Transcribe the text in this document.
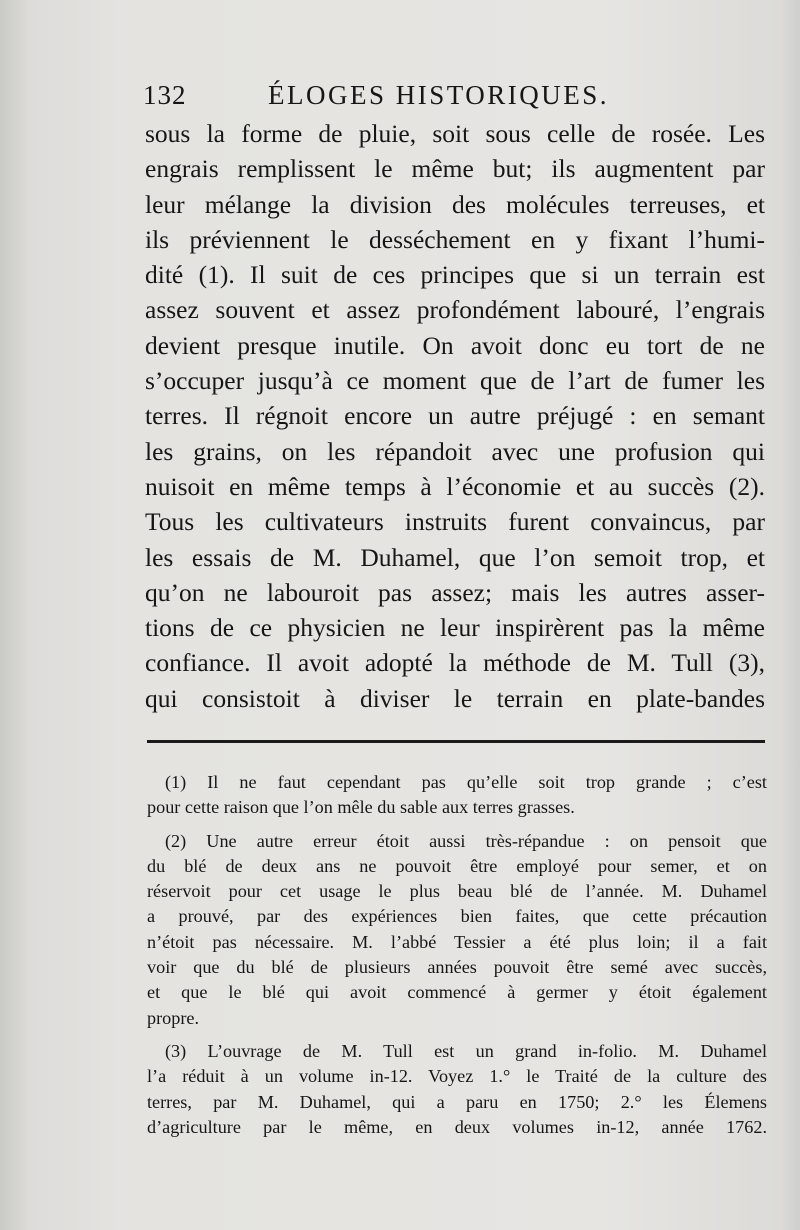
132	ÉLOGES HISTORIQUES.
sous la forme de pluie, soit sous celle de rosée. Les
engrais remplissent le même but; ils augmentent par
leur mélange la division des molécules terreuses, et
ils préviennent le desséchement en y fixant l’humi-
dité (1). Il suit de ces principes que si un terrain est
assez souvent et assez profondément labouré, l’engrais
devient presque inutile. On avoit donc eu tort de ne
s’occuper jusqu’à ce moment que de l’art de fumer les
terres. Il régnoit encore un autre préjugé : en semant
les grains, on les répandoit avec une profusion qui
nuisoit en même temps à l’économie et au succès (2).
Tous les cultivateurs instruits furent convaincus, par
les essais de M. Duhamel, que l’on semoit trop, et
qu’on ne labouroit pas assez; mais les autres asser-
tions de ce physicien ne leur inspirèrent pas la même
confiance. Il avoit adopté la méthode de M. Tull (3),
qui consistoit à diviser le terrain en plate-bandes
(1) Il ne faut cependant pas qu’elle soit trop grande ; c’est
pour cette raison que l’on mêle du sable aux terres grasses.
(2) Une autre erreur étoit aussi très-répandue : on pensoit que
du blé de deux ans ne pouvoit être employé pour semer, et on
réservoit pour cet usage le plus beau blé de l’année. M. Duhamel
a prouvé, par des expériences bien faites, que cette précaution
n’étoit pas nécessaire. M. l’abbé Tessier a été plus loin; il a fait
voir que du blé de plusieurs années pouvoit être semé avec succès,
et que le blé qui avoit commencé à germer y étoit également
propre.
(3) L’ouvrage de M. Tull est un grand in-folio. M. Duhamel
l’a réduit à un volume in-12. Voyez 1.° le Traité de la culture des
terres, par M. Duhamel, qui a paru en 1750; 2.° les Élemens
d’agriculture par le même, en deux volumes in-12, année 1762.
